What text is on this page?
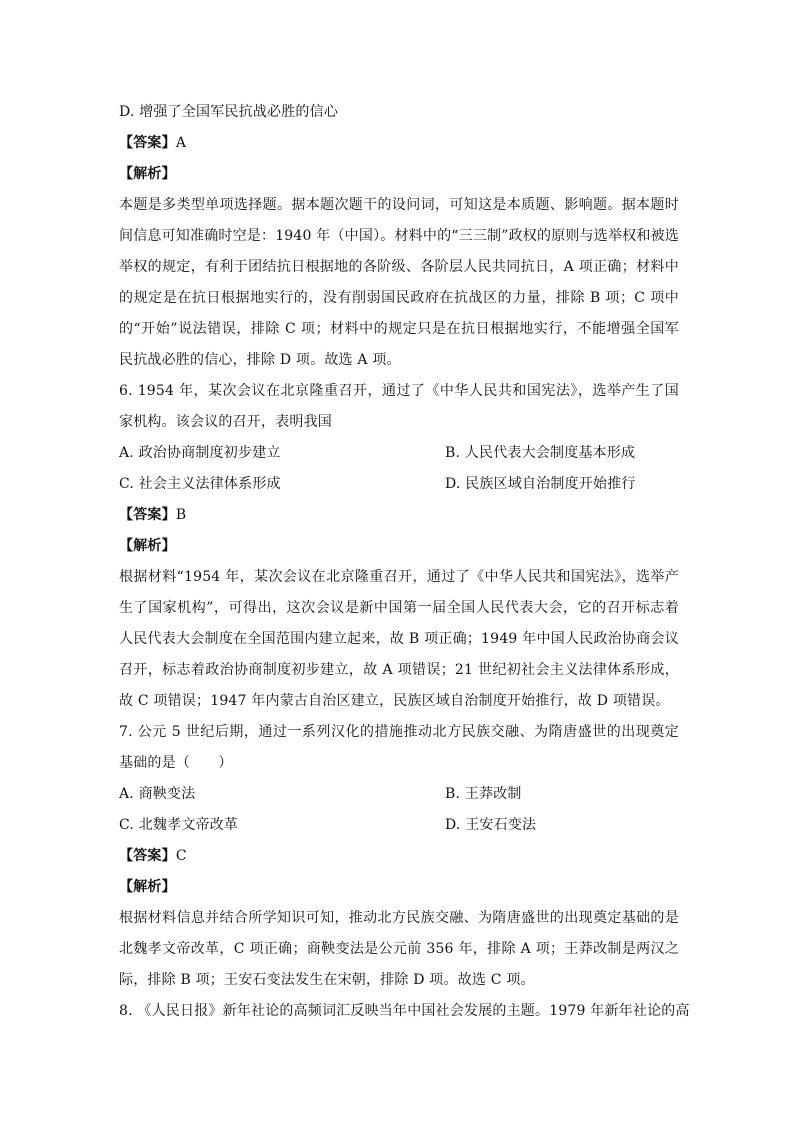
D. 增强了全国军民抗战必胜的信心
【答案】A
【解析】
本题是多类型单项选择题。据本题次题干的设问词，可知这是本质题、影响题。据本题时间信息可知准确时空是：1940 年（中国）。材料中的“三三制”政权的原则与选举权和被选举权的规定，有利于团结抗日根据地的各阶级、各阶层人民共同抗日，A 项正确；材料中的规定是在抗日根据地实行的，没有削弱国民政府在抗战区的力量，排除 B 项；C 项中的“开始”说法错误，排除 C 项；材料中的规定只是在抗日根据地实行，不能增强全国军民抗战必胜的信心，排除 D 项。故选 A 项。
6. 1954 年，某次会议在北京隆重召开，通过了《中华人民共和国宪法》，选举产生了国家机构。该会议的召开，表明我国
A. 政治协商制度初步建立	B. 人民代表大会制度基本形成
C. 社会主义法律体系形成	D. 民族区域自治制度开始推行
【答案】B
【解析】
根据材料“1954 年，某次会议在北京隆重召开，通过了《中华人民共和国宪法》，选举产生了国家机构”，可得出，这次会议是新中国第一届全国人民代表大会，它的召开标志着人民代表大会制度在全国范围内建立起来，故 B 项正确；1949 年中国人民政治协商会议召开，标志着政治协商制度初步建立，故 A 项错误；21 世纪初社会主义法律体系形成，故 C 项错误；1947 年内蒙古自治区建立，民族区域自治制度开始推行，故 D 项错误。
7. 公元 5 世纪后期，通过一系列汉化的措施推动北方民族交融、为隋唐盛世的出现奠定基础的是（　　）
A. 商鞅变法	B. 王莽改制
C. 北魏孝文帝改革	D. 王安石变法
【答案】C
【解析】
根据材料信息并结合所学知识可知，推动北方民族交融、为隋唐盛世的出现奠定基础的是北魏孝文帝改革，C 项正确；商鞅变法是公元前 356 年，排除 A 项；王莽改制是两汉之际，排除 B 项；王安石变法发生在宋朝，排除 D 项。故选 C 项。
8. 《人民日报》新年社论的高频词汇反映当年中国社会发展的主题。1979 年新年社论的高
